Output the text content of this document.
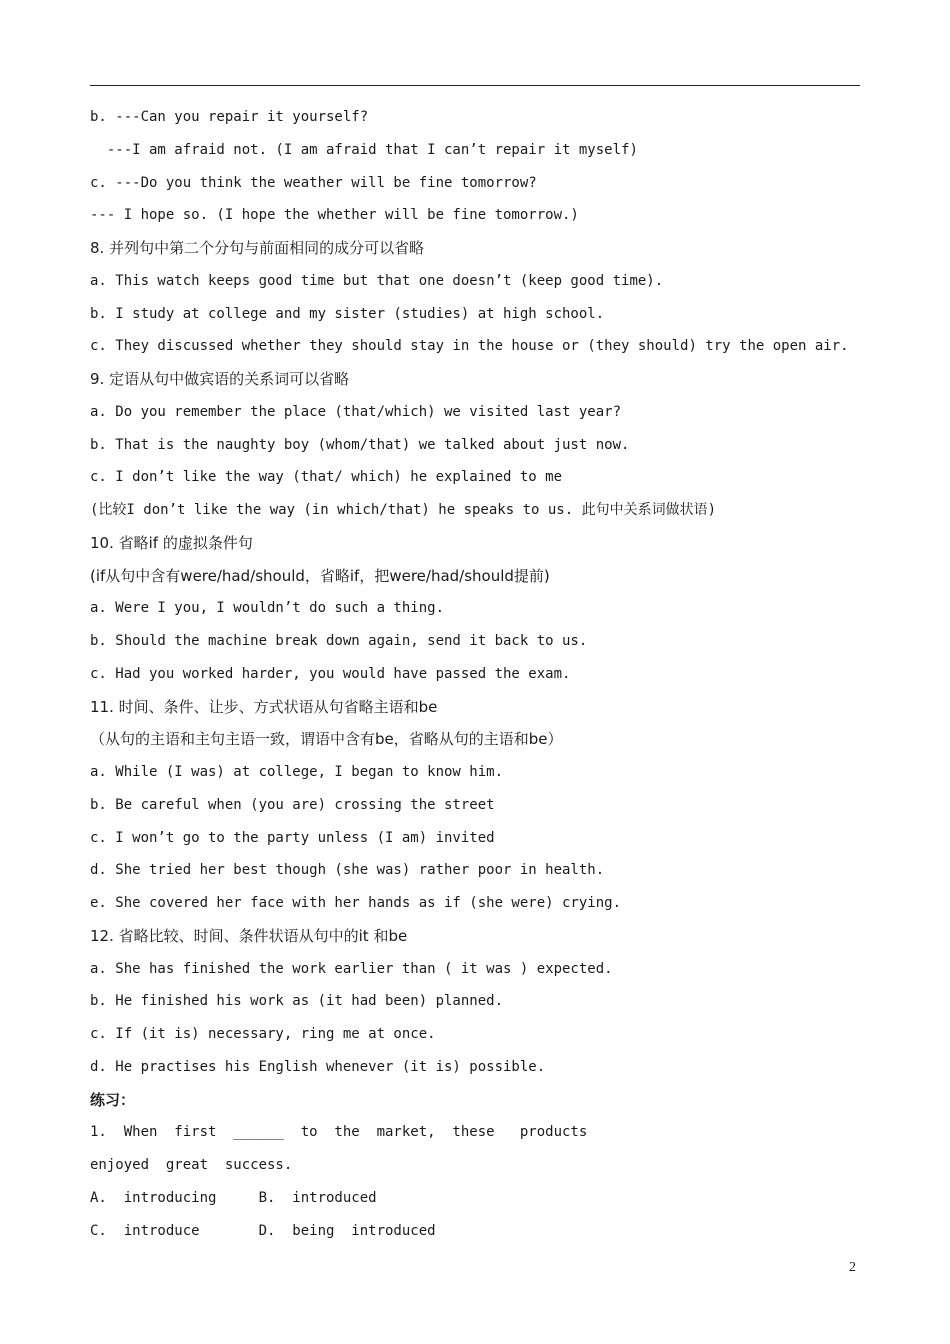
b. ---Can you repair it yourself?
---I am afraid not. (I am afraid that I can’t repair it myself)
c. ---Do you think the weather will be fine tomorrow?
--- I hope so. (I hope the whether will be fine tomorrow.)
8. 并列句中第二个分句与前面相同的成分可以省略
a. This watch keeps good time but that one doesn’t (keep good time).
b. I study at college and my sister (studies) at high school.
c. They discussed whether they should stay in the house or (they should) try the open air.
9. 定语从句中做宾语的关系词可以省略
a. Do you remember the place (that/which) we visited last year?
b. That is the naughty boy (whom/that) we talked about just now.
c. I don’t like the way (that/ which) he explained to me
(比较I don’t like the way (in which/that) he speaks to us. 此句中关系词做状语)
10. 省略if 的虚拟条件句
(if从句中含有were/had/should，省略if，把were/had/should提前)
a. Were I you, I wouldn’t do such a thing.
b. Should the machine break down again, send it back to us.
c. Had you worked harder, you would have passed the exam.
11. 时间、条件、让步、方式状语从句省略主语和be
（从句的主语和主句主语一致，谓语中含有be，省略从句的主语和be）
a. While (I was) at college, I began to know him.
b. Be careful when (you are) crossing the street
c. I won’t go to the party unless (I am) invited
d. She tried her best though (she was) rather poor in health.
e. She covered her face with her hands as if (she were) crying.
12. 省略比较、时间、条件状语从句中的it 和be
a. She has finished the work earlier than ( it was ) expected.
b. He finished his work as (it had been) planned.
c. If (it is) necessary, ring me at once.
d. He practises his English whenever (it is) possible.
练习：
1.  When  first  ______  to  the  market,  these   products
enjoyed  great  success.
A.  introducing     B.  introduced
C.  introduce       D.  being  introduced
2
